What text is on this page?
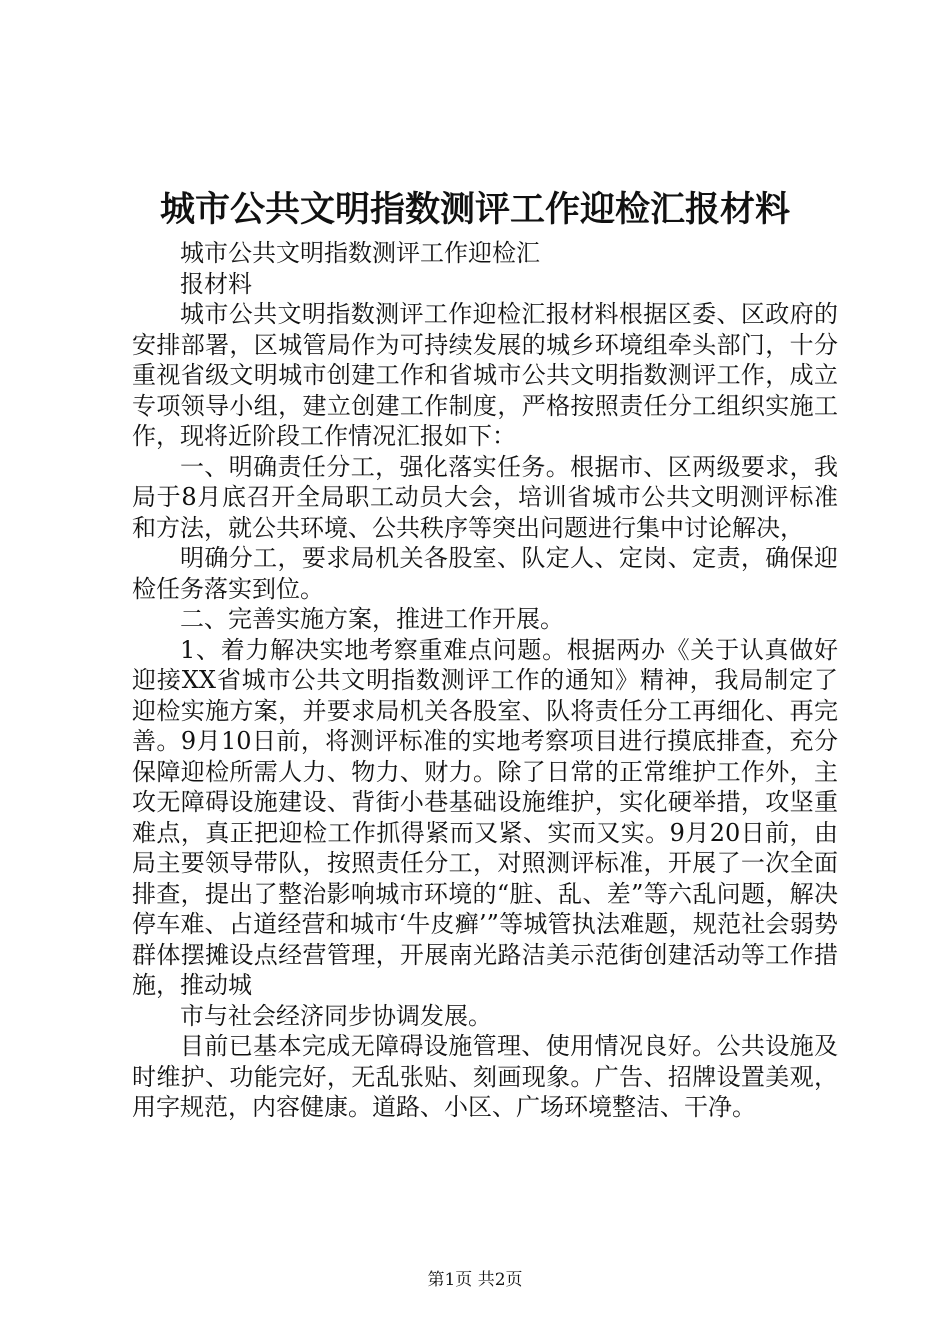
城市公共文明指数测评工作迎检汇报材料

城市公共文明指数测评工作迎检汇

报材料

城市公共文明指数测评工作迎检汇报材料根据区委、区政府的安排部署，区城管局作为可持续发展的城乡环境组牵头部门，十分重视省级文明城市创建工作和省城市公共文明指数测评工作，成立专项领导小组，建立创建工作制度，严格按照责任分工组织实施工作，现将近阶段工作情况汇报如下：

一、明确责任分工，强化落实任务。根据市、区两级要求，我局于8月底召开全局职工动员大会，培训省城市公共文明测评标准和方法，就公共环境、公共秩序等突出问题进行集中讨论解决，

明确分工，要求局机关各股室、队定人、定岗、定责，确保迎检任务落实到位。

二、完善实施方案，推进工作开展。

1、着力解决实地考察重难点问题。根据两办《关于认真做好迎接XX省城市公共文明指数测评工作的通知》精神，我局制定了迎检实施方案，并要求局机关各股室、队将责任分工再细化、再完善。9月10日前，将测评标准的实地考察项目进行摸底排查，充分保障迎检所需人力、物力、财力。除了日常的正常维护工作外，主攻无障碍设施建设、背街小巷基础设施维护，实化硬举措，攻坚重难点，真正把迎检工作抓得紧而又紧、实而又实。9月20日前，由局主要领导带队，按照责任分工，对照测评标准，开展了一次全面排查，提出了整治影响城市环境的“脏、乱、差”等六乱问题，解决停车难、占道经营和城市‘牛皮癣’”等城管执法难题，规范社会弱势群体摆摊设点经营管理，开展南光路洁美示范街创建活动等工作措施，推动城

市与社会经济同步协调发展。

目前已基本完成无障碍设施管理、使用情况良好。公共设施及时维护、功能完好，无乱张贴、刻画现象。广告、招牌设置美观，用字规范，内容健康。道路、小区、广场环境整洁、干净。

第1页 共2页
